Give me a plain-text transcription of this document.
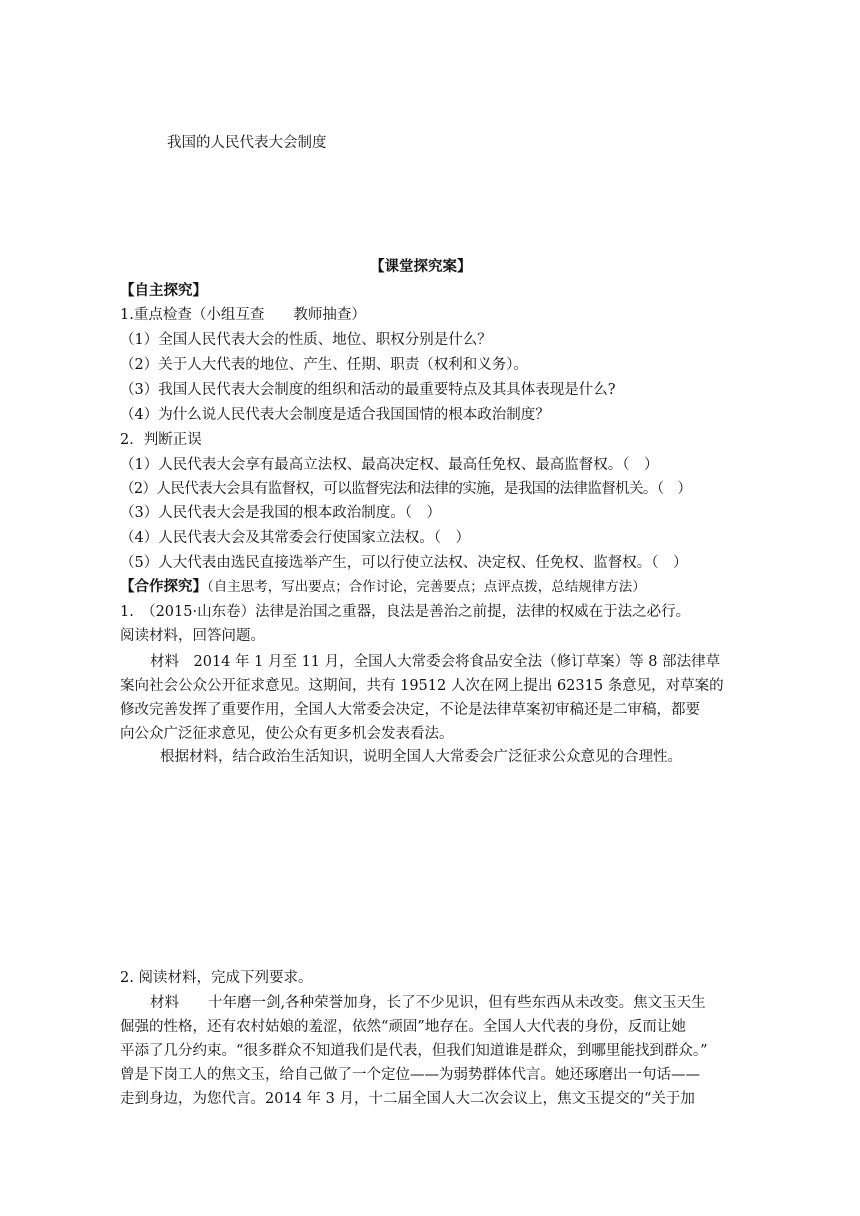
我国的人民代表大会制度
【课堂探究案】
【自主探究】
1.重点检查（小组互查　　教师抽查）
（1）全国人民代表大会的性质、地位、职权分别是什么？
（2）关于人大代表的地位、产生、任期、职责（权利和义务）。
（3）我国人民代表大会制度的组织和活动的最重要特点及其具体表现是什么?
（4）为什么说人民代表大会制度是适合我国国情的根本政治制度？
2．判断正误
（1）人民代表大会享有最高立法权、最高决定权、最高任免权、最高监督权。（　）
（2）人民代表大会具有监督权，可以监督宪法和法律的实施，是我国的法律监督机关。（　）
（3）人民代表大会是我国的根本政治制度。（　）
（4）人民代表大会及其常委会行使国家立法权。（　）
（5）人大代表由选民直接选举产生，可以行使立法权、决定权、任免权、监督权。（　）
【合作探究】（自主思考，写出要点；合作讨论，完善要点；点评点拨，总结规律方法）
1.　（2015·山东卷）法律是治国之重器，良法是善治之前提，法律的权威在于法之必行。
阅读材料，回答问题。
材料　2014 年 1 月至 11 月，全国人大常委会将食品安全法（修订草案）等 8 部法律草
案向社会公众公开征求意见。这期间，共有 19512 人次在网上提出 62315 条意见，对草案的
修改完善发挥了重要作用，全国人大常委会决定，不论是法律草案初审稿还是二审稿，都要
向公众广泛征求意见，使公众有更多机会发表看法。
根据材料，结合政治生活知识，说明全国人大常委会广泛征求公众意见的合理性。
2. 阅读材料，完成下列要求。
材料　　十年磨一剑,各种荣誉加身，长了不少见识，但有些东西从未改变。焦文玉天生
倔强的性格，还有农村姑娘的羞涩，依然“顽固”地存在。全国人大代表的身份，反而让她
平添了几分约束。“很多群众不知道我们是代表，但我们知道谁是群众，到哪里能找到群众。”
曾是下岗工人的焦文玉，给自己做了一个定位——为弱势群体代言。她还琢磨出一句话——
走到身边，为您代言。2014 年 3 月，十二届全国人大二次会议上，焦文玉提交的“关于加
